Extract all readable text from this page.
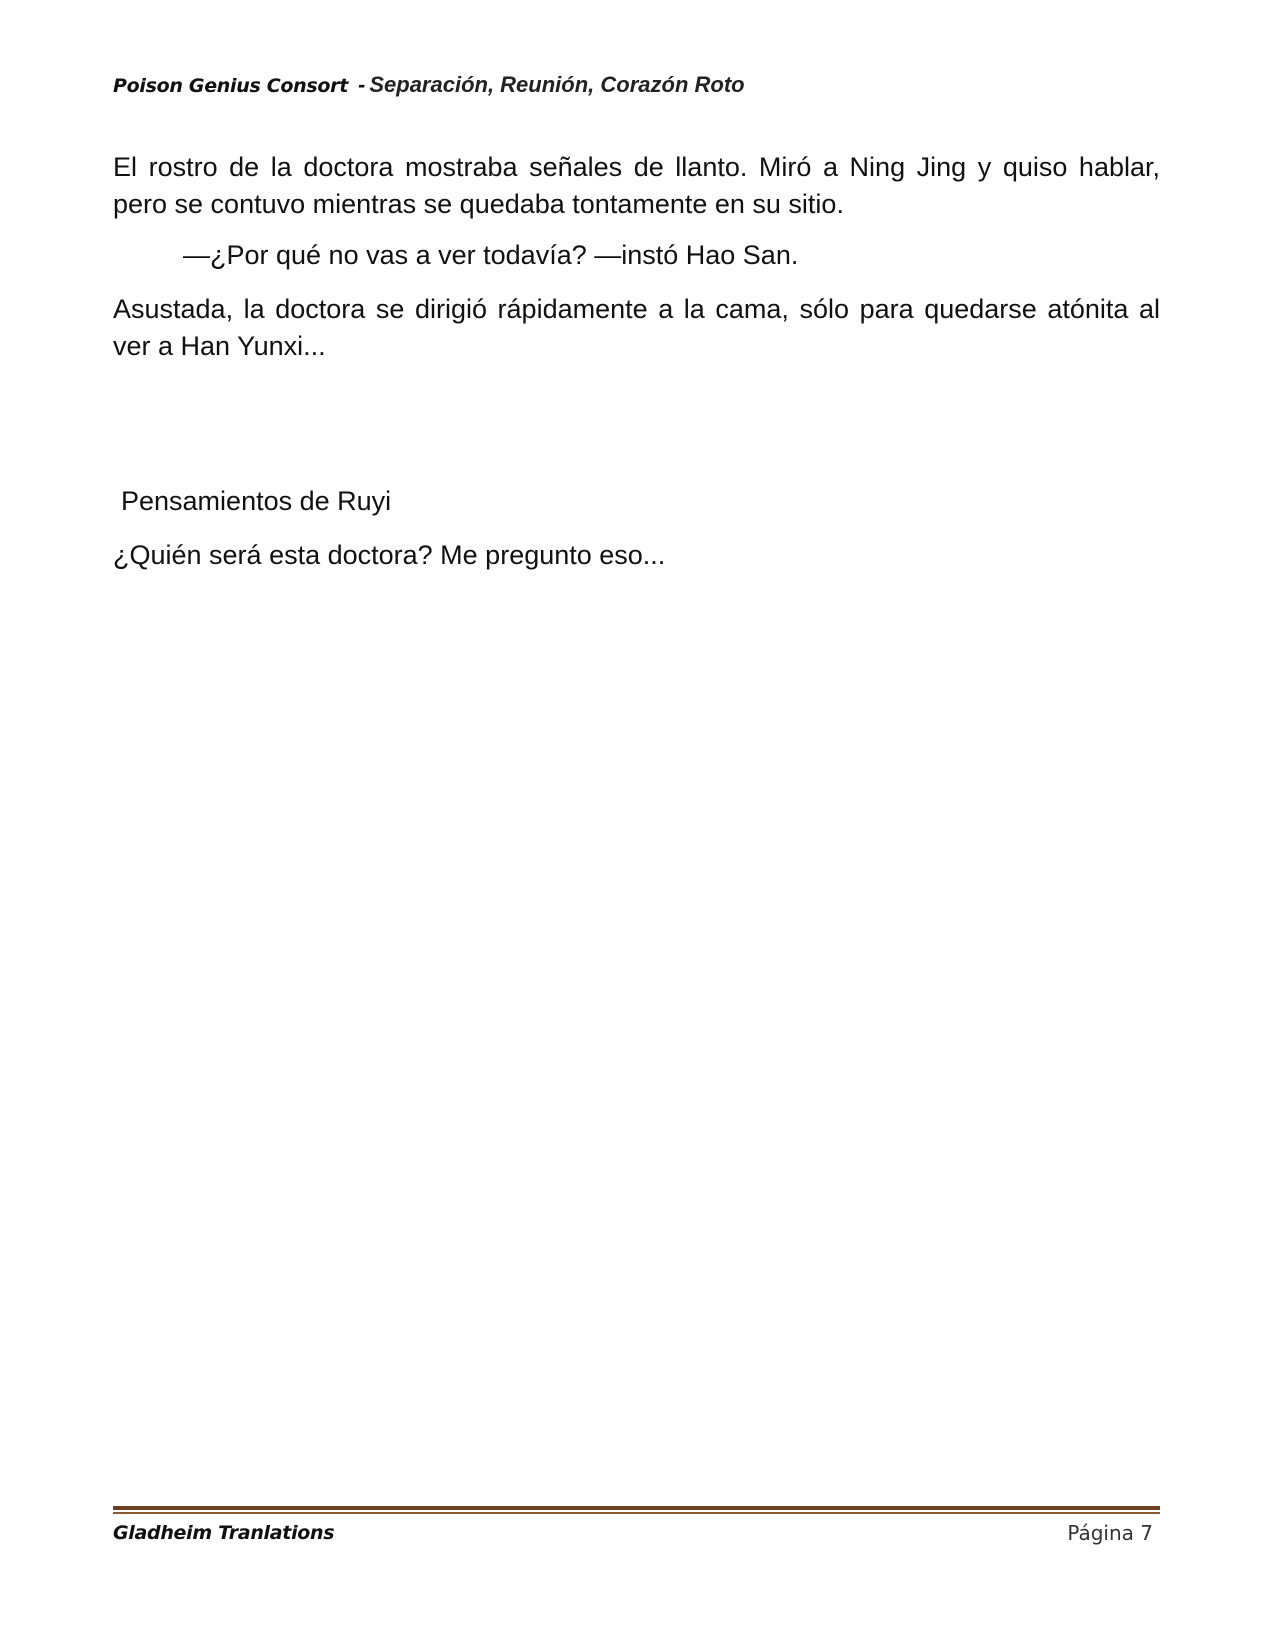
Poison Genius Consort - Separación, Reunión, Corazón Roto
El rostro de la doctora mostraba señales de llanto. Miró a Ning Jing y quiso hablar, pero se contuvo mientras se quedaba tontamente en su sitio.
—¿Por qué no vas a ver todavía? —instó Hao San.
Asustada, la doctora se dirigió rápidamente a la cama, sólo para quedarse atónita al ver a Han Yunxi...
Pensamientos de Ruyi
¿Quién será esta doctora? Me pregunto eso...
Gladheim Tranlations	Página 7
